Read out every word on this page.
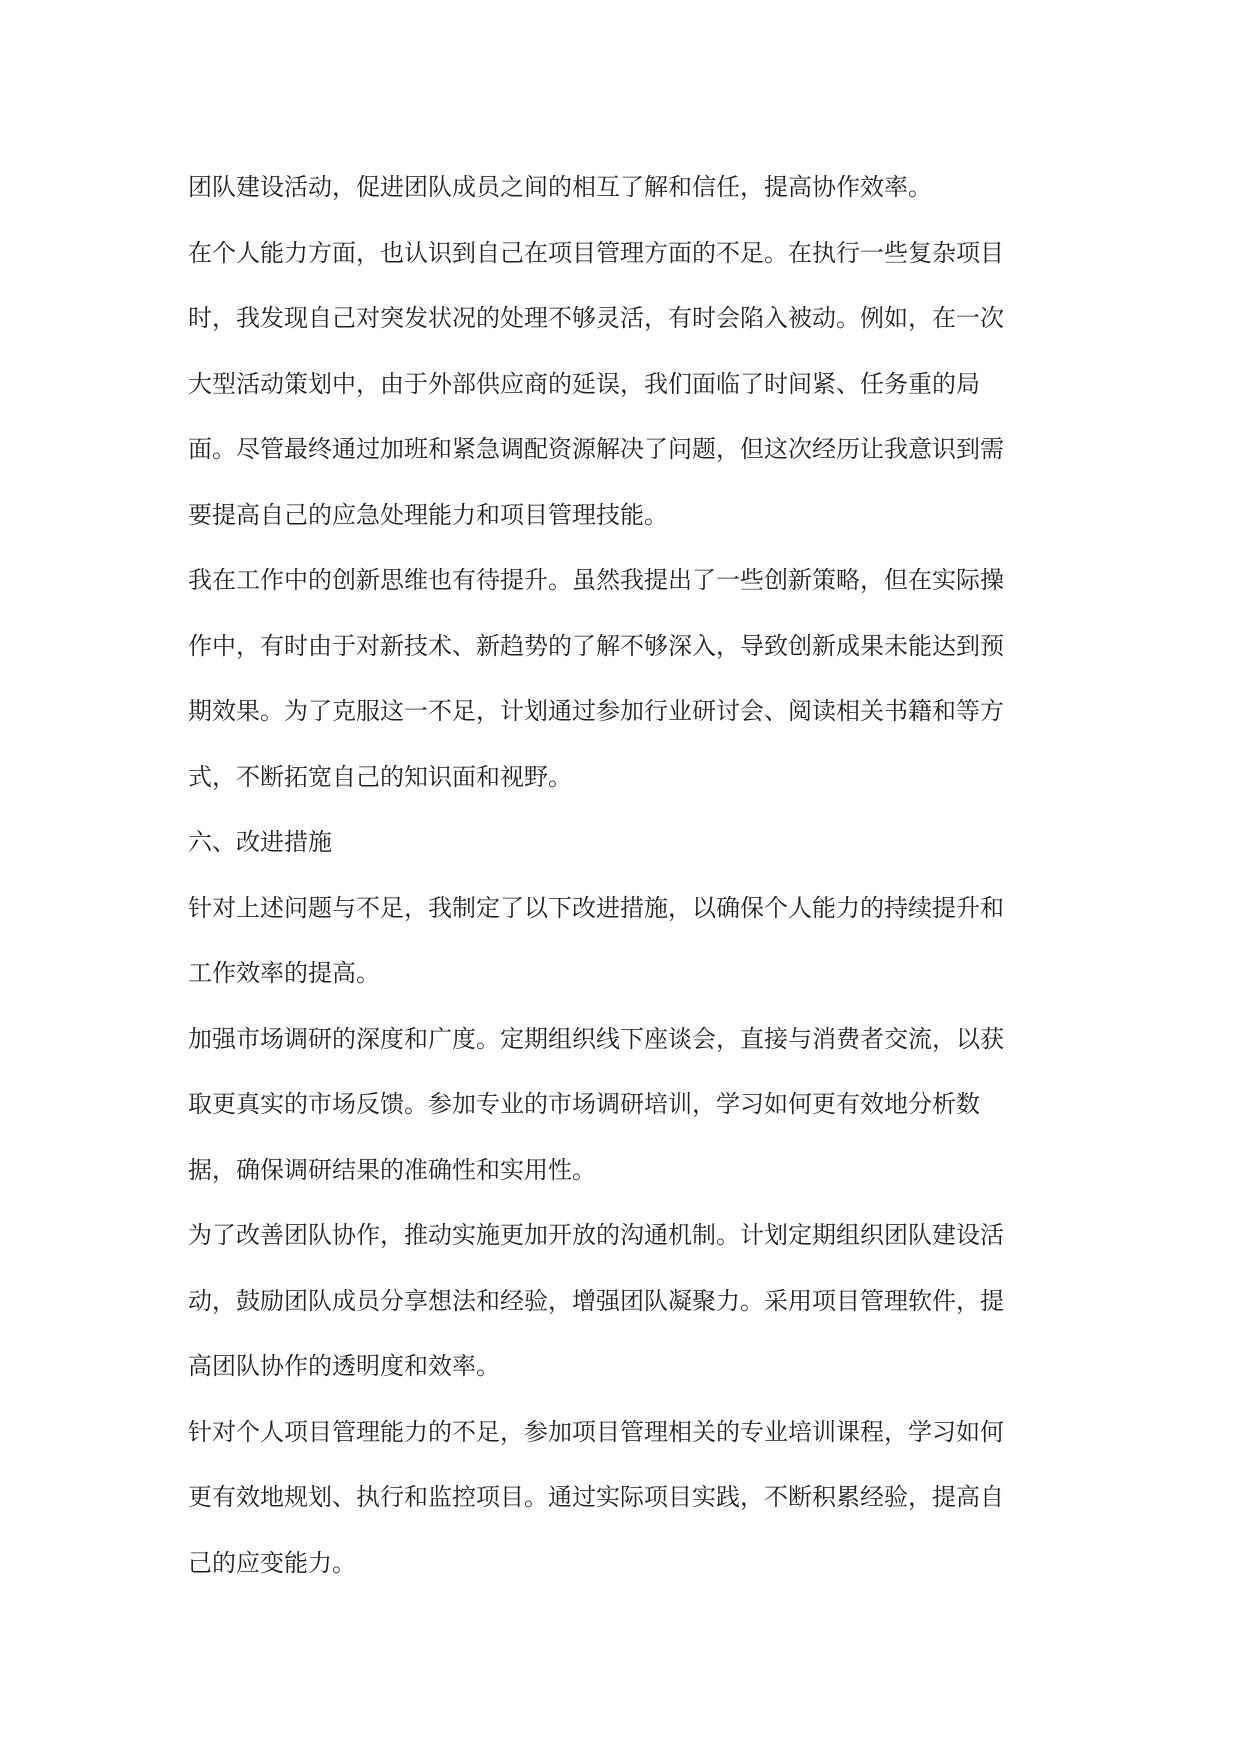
团队建设活动，促进团队成员之间的相互了解和信任，提高协作效率。

在个人能力方面，也认识到自己在项目管理方面的不足。在执行一些复杂项目

时，我发现自己对突发状况的处理不够灵活，有时会陷入被动。例如，在一次

大型活动策划中，由于外部供应商的延误，我们面临了时间紧、任务重的局

面。尽管最终通过加班和紧急调配资源解决了问题，但这次经历让我意识到需

要提高自己的应急处理能力和项目管理技能。

我在工作中的创新思维也有待提升。虽然我提出了一些创新策略，但在实际操

作中，有时由于对新技术、新趋势的了解不够深入，导致创新成果未能达到预

期效果。为了克服这一不足，计划通过参加行业研讨会、阅读相关书籍和等方

式，不断拓宽自己的知识面和视野。

六、改进措施

针对上述问题与不足，我制定了以下改进措施，以确保个人能力的持续提升和

工作效率的提高。

加强市场调研的深度和广度。定期组织线下座谈会，直接与消费者交流，以获

取更真实的市场反馈。参加专业的市场调研培训，学习如何更有效地分析数

据，确保调研结果的准确性和实用性。

为了改善团队协作，推动实施更加开放的沟通机制。计划定期组织团队建设活

动，鼓励团队成员分享想法和经验，增强团队凝聚力。采用项目管理软件，提

高团队协作的透明度和效率。

针对个人项目管理能力的不足，参加项目管理相关的专业培训课程，学习如何

更有效地规划、执行和监控项目。通过实际项目实践，不断积累经验，提高自

己的应变能力。
